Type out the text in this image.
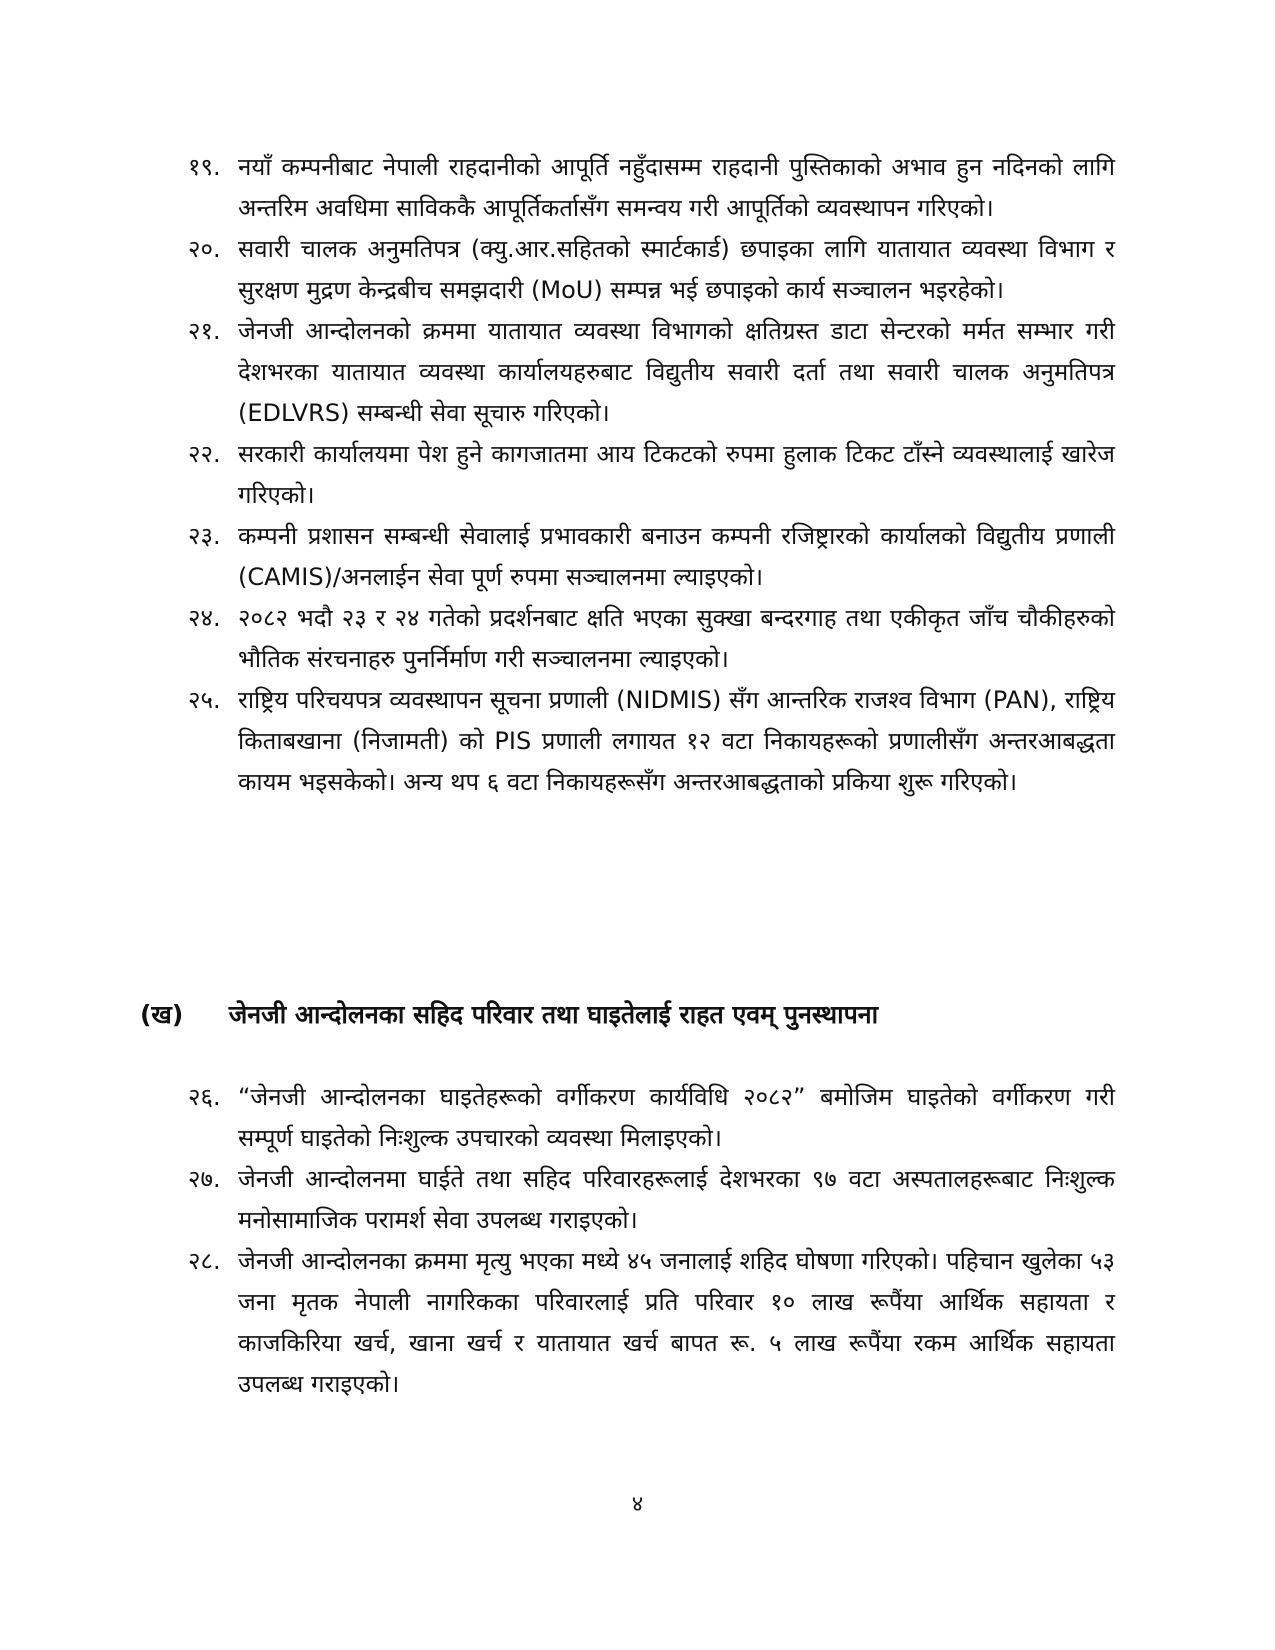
१९. नयाँ कम्पनीबाट नेपाली राहदानीको आपूर्ति नहुँदासम्म राहदानी पुस्तिकाको अभाव हुन नदिनको लागि अन्तरिम अवधिमा साविककै आपूर्तिकर्तासँग समन्वय गरी आपूर्तिको व्यवस्थापन गरिएको।
२०. सवारी चालक अनुमतिपत्र (क्यु.आर.सहितको स्मार्टकार्ड) छपाइका लागि यातायात व्यवस्था विभाग र सुरक्षण मुद्रण केन्द्रबीच समझदारी (MoU) सम्पन्न भई छपाइको कार्य सञ्चालन भइरहेको।
२१. जेनजी आन्दोलनको क्रममा यातायात व्यवस्था विभागको क्षतिग्रस्त डाटा सेन्टरको मर्मत सम्भार गरी देशभरका यातायात व्यवस्था कार्यालयहरुबाट विद्युतीय सवारी दर्ता तथा सवारी चालक अनुमतिपत्र (EDLVRS) सम्बन्धी सेवा सूचारु गरिएको।
२२. सरकारी कार्यालयमा पेश हुने कागजातमा आय टिकटको रुपमा हुलाक टिकट टाँस्ने व्यवस्थालाई खारेज गरिएको।
२३. कम्पनी प्रशासन सम्बन्धी सेवालाई प्रभावकारी बनाउन कम्पनी रजिष्ट्रारको कार्यालको विद्युतीय प्रणाली (CAMIS)/अनलाईन सेवा पूर्ण रुपमा सञ्चालनमा ल्याइएको।
२४. २०८२ भदौ २३ र २४ गतेको प्रदर्शनबाट क्षति भएका सुक्खा बन्दरगाह तथा एकीकृत जाँच चौकीहरुको भौतिक संरचनाहरु पुनर्निर्माण गरी सञ्चालनमा ल्याइएको।
२५. राष्ट्रिय परिचयपत्र व्यवस्थापन सूचना प्रणाली (NIDMIS) सँग आन्तरिक राजश्व विभाग (PAN), राष्ट्रिय किताबखाना (निजामती) को PIS प्रणाली लगायत १२ वटा निकायहरूको प्रणालीसँग अन्तरआबद्धता कायम भइसकेको। अन्य थप ६ वटा निकायहरूसँग अन्तरआबद्धताको प्रकिया शुरू गरिएको।
(ख) जेनजी आन्दोलनका सहिद परिवार तथा घाइतेलाई राहत एवम् पुनस्थापना
२६. “जेनजी आन्दोलनका घाइतेहरूको वर्गीकरण कार्यविधि २०८२” बमोजिम घाइतेको वर्गीकरण गरी सम्पूर्ण घाइतेको निःशुल्क उपचारको व्यवस्था मिलाइएको।
२७. जेनजी आन्दोलनमा घाईते तथा सहिद परिवारहरूलाई देशभरका ९७ वटा अस्पतालहरूबाट निःशुल्क मनोसामाजिक परामर्श सेवा उपलब्ध गराइएको।
२८. जेनजी आन्दोलनका क्रममा मृत्यु भएका मध्ये ४५ जनालाई शहिद घोषणा गरिएको। पहिचान खुलेका ५३ जना मृतक नेपाली नागरिकका परिवारलाई प्रति परिवार १० लाख रूपैंया आर्थिक सहायता र काजकिरिया खर्च, खाना खर्च र यातायात खर्च बापत रू. ५ लाख रूपैंया रकम आर्थिक सहायता उपलब्ध गराइएको।
४
